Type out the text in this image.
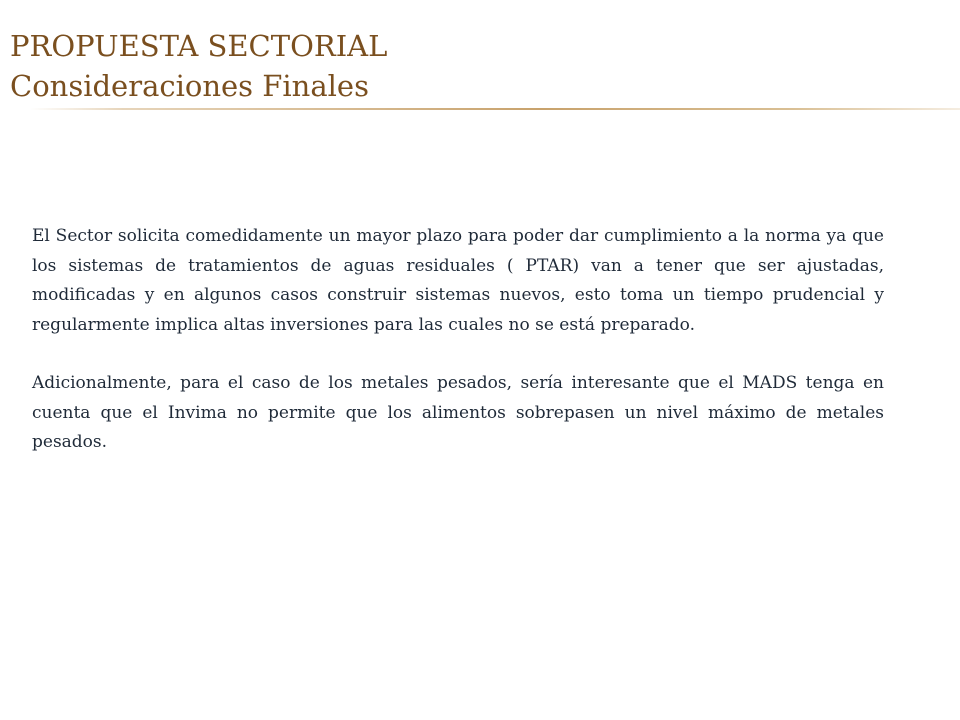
PROPUESTA SECTORIAL
Consideraciones Finales

El Sector solicita comedidamente un mayor plazo para poder dar cumplimiento a la norma ya que los sistemas de tratamientos de aguas residuales ( PTAR) van a tener que ser ajustadas, modificadas y en algunos casos construir sistemas nuevos, esto toma un tiempo prudencial y regularmente implica altas inversiones para las cuales no se está preparado.

Adicionalmente, para el caso de los metales pesados, sería interesante que el MADS tenga en cuenta que el Invima no permite que los alimentos sobrepasen un nivel máximo de metales pesados.
